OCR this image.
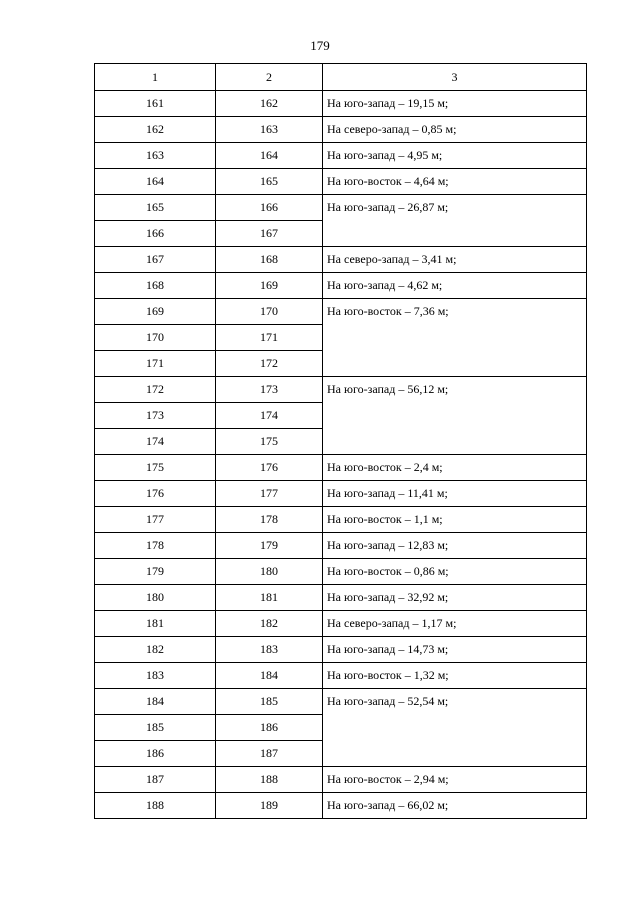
179
1	2	3
161	162	На юго-запад – 19,15 м;
162	163	На северо-запад – 0,85 м;
163	164	На юго-запад – 4,95 м;
164	165	На юго-восток – 4,64 м;
165	166	На юго-запад – 26,87 м;
166	167	
167	168	На северо-запад – 3,41 м;
168	169	На юго-запад – 4,62 м;
169	170	На юго-восток – 7,36 м;
170	171	
171	172	
172	173	На юго-запад – 56,12 м;
173	174	
174	175	
175	176	На юго-восток – 2,4 м;
176	177	На юго-запад – 11,41 м;
177	178	На юго-восток – 1,1 м;
178	179	На юго-запад – 12,83 м;
179	180	На юго-восток – 0,86 м;
180	181	На юго-запад – 32,92 м;
181	182	На северо-запад – 1,17 м;
182	183	На юго-запад – 14,73 м;
183	184	На юго-восток – 1,32 м;
184	185	На юго-запад – 52,54 м;
185	186	
186	187	
187	188	На юго-восток – 2,94 м;
188	189	На юго-запад – 66,02 м;
